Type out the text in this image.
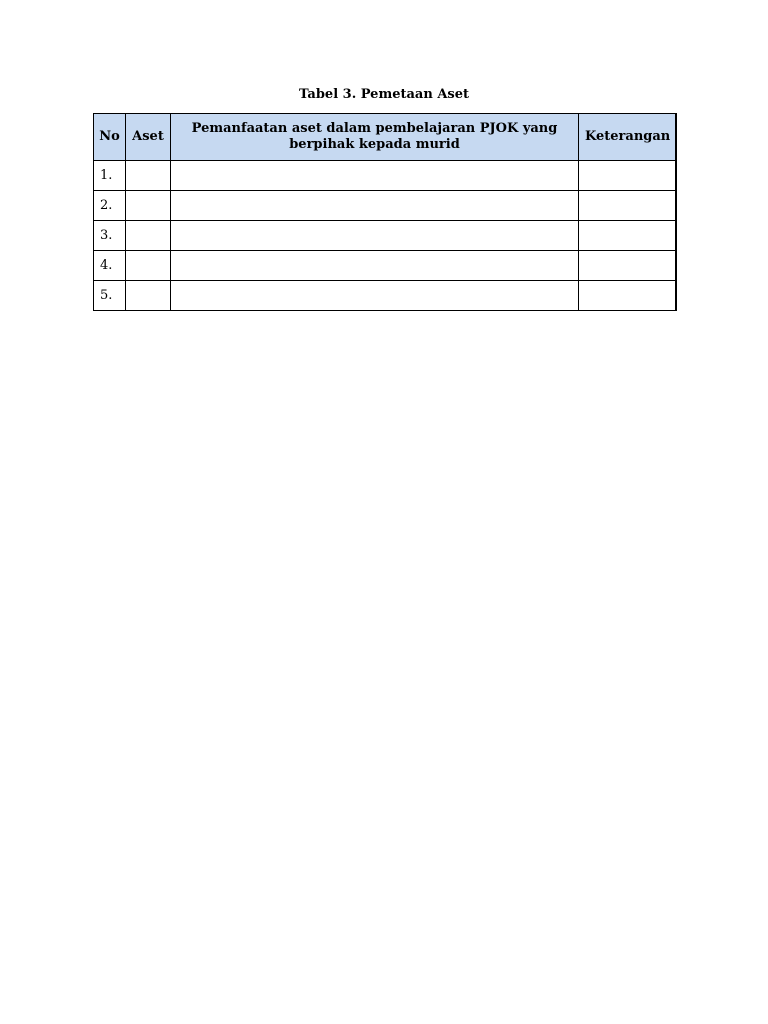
Tabel 3. Pemetaan Aset
No	Aset	Pemanfaatan aset dalam pembelajaran PJOK yang berpihak kepada murid	Keterangan
1.			
2.			
3.			
4.			
5.			
